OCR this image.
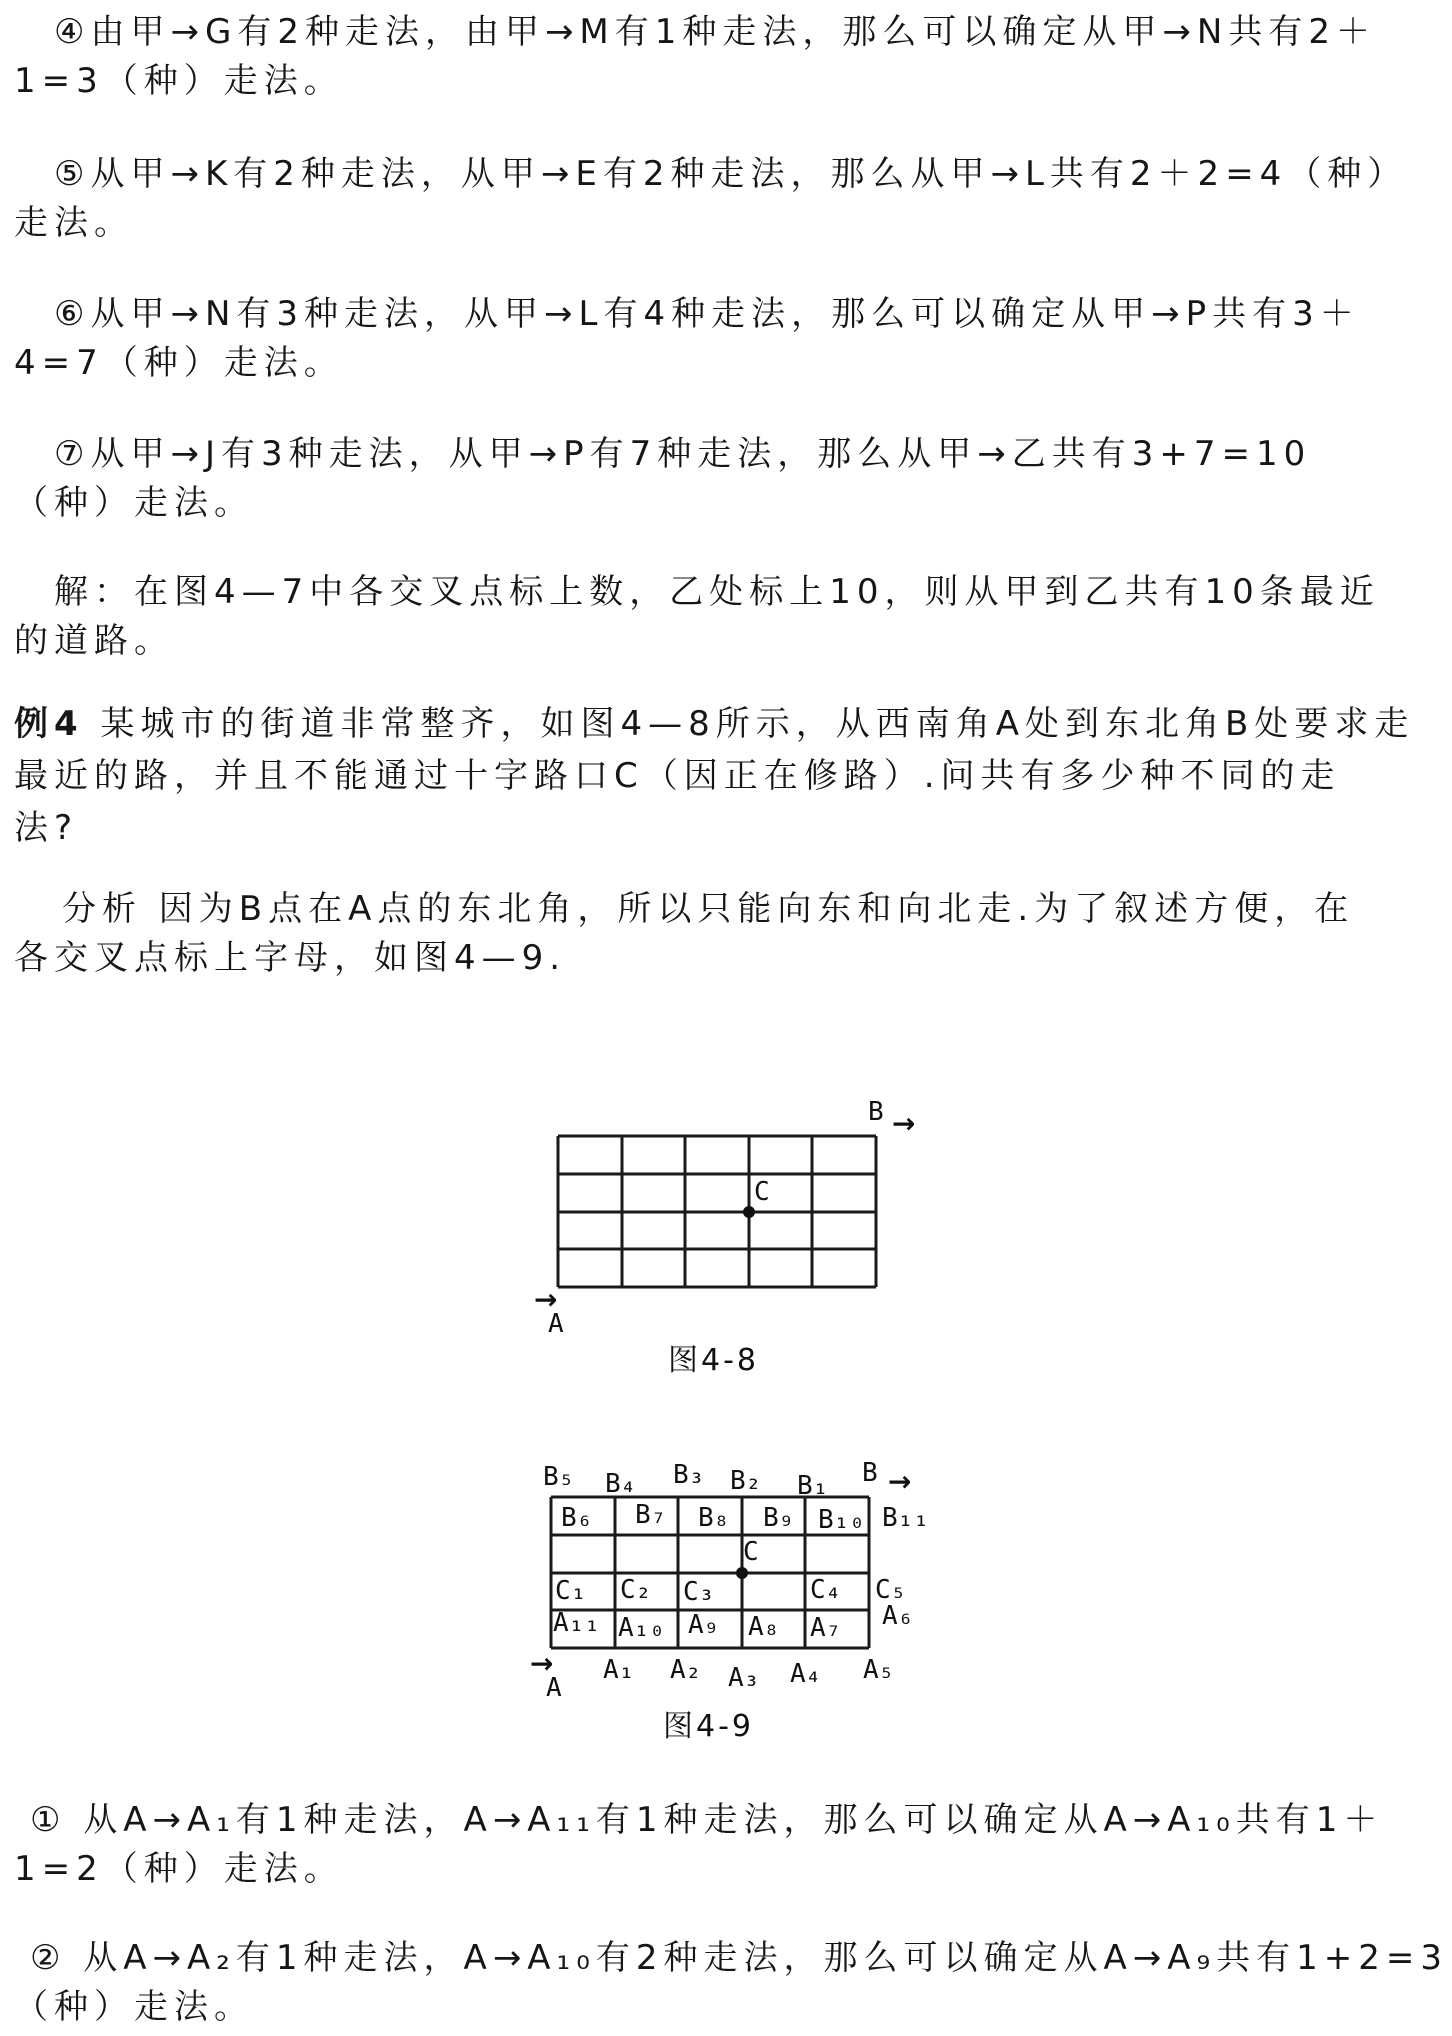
④由甲→G有2种走法，由甲→M有1种走法，那么可以确定从甲→N共有2＋
1=3（种）走法。
⑤从甲→K有2种走法，从甲→E有2种走法，那么从甲→L共有2＋2=4（种）
走法。
⑥从甲→N有3种走法，从甲→L有4种走法，那么可以确定从甲→P共有3＋
4=7（种）走法。
⑦从甲→J有3种走法，从甲→P有7种走法，那么从甲→乙共有3+7=10
（种）走法。
解：在图4—7中各交叉点标上数，乙处标上10，则从甲到乙共有10条最近
的道路。
例4 某城市的街道非常整齐，如图4—8所示，从西南角A处到东北角B处要求走
最近的路，并且不能通过十字路口C（因正在修路）.问共有多少种不同的走
法?
分析 因为B点在A点的东北角，所以只能向东和向北走.为了叙述方便，在
各交叉点标上字母，如图4—9.
B →
C
→
A
图4-8
B₅ B₄ B₃ B₂ B₁ B →
B₆ B₇ B₈ B₉ B₁₀ B₁₁
C
C₁ C₂ C₃	C₄ C₅
A₆
A₁₁ A₁₀ A₉ A₈ A₇
→
A
A₁ A₂ A₃ A₄ A₅
图4-9
① 从A→A₁有1种走法，A→A₁₁有1种走法，那么可以确定从A→A₁₀共有1＋
1=2（种）走法。
② 从A→A₂有1种走法，A→A₁₀有2种走法，那么可以确定从A→A₉共有1+2=3
（种）走法。
